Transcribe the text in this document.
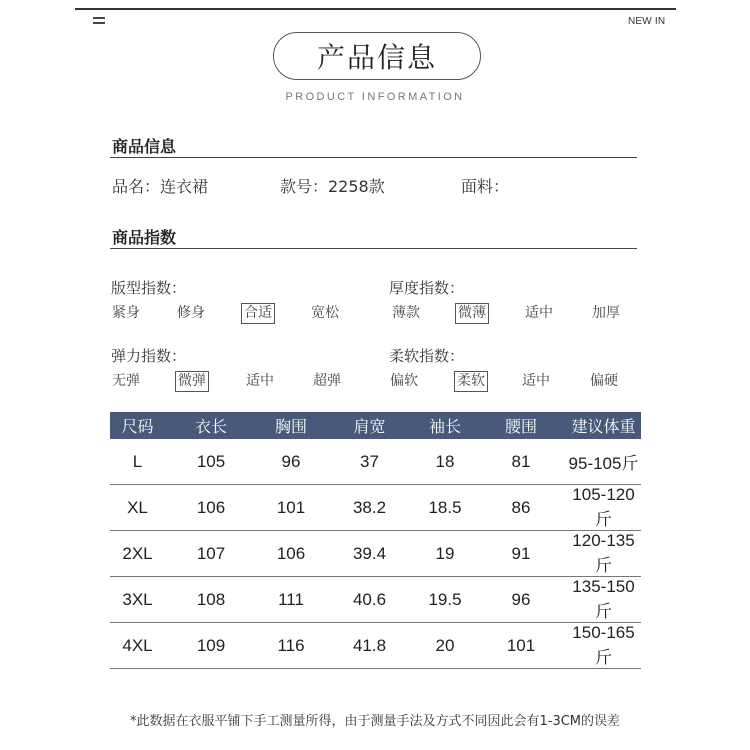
NEW IN
产品信息
PRODUCT INFORMATION
商品信息
品名：连衣裙	款号：2258款	面料：
商品指数
版型指数：
紧身	修身	合适	宽松
厚度指数：
薄款	微薄	适中	加厚
弹力指数：
无弹	微弹	适中	超弹
柔软指数：
偏软	柔软	适中	偏硬
尺码	衣长	胸围	肩宽	袖长	腰围	建议体重
L	105	96	37	18	81	95-105斤
XL	106	101	38.2	18.5	86	105-120斤
2XL	107	106	39.4	19	91	120-135斤
3XL	108	111	40.6	19.5	96	135-150斤
4XL	109	116	41.8	20	101	150-165斤
*此数据在衣服平铺下手工测量所得，由于测量手法及方式不同因此会有1-3CM的误差
